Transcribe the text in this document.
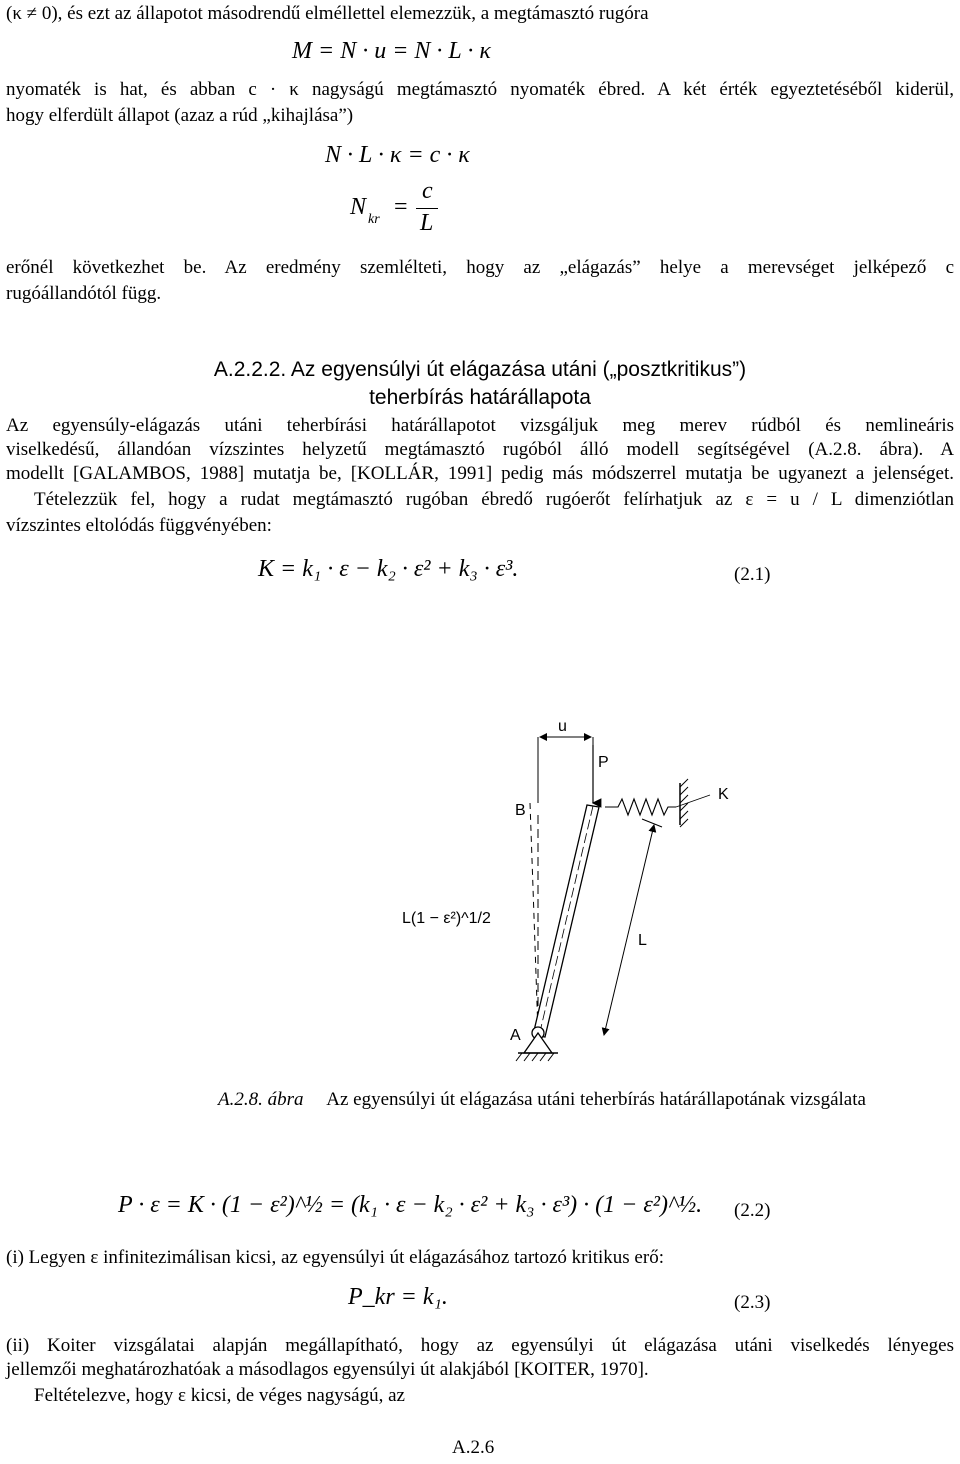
(κ ≠ 0), és ezt az állapotot másodrendű elméllettel elemezzük, a megtámasztó rugóra
M = N · u = N · L · κ
nyomaték is hat, és abban c · κ nagyságú megtámasztó nyomaték ébred. A két érték egyeztetéséből kiderül,
hogy elferdült állapot (azaz a rúd „kihajlása”)
N · L · κ = c · κ
N kr =
c
L
erőnél következhet be. Az eredmény szemlélteti, hogy az „elágazás” helye a merevséget jelképező c
rugóállandótól függ.
A.2.2.2. Az egyensúlyi út elágazása utáni („posztkritikus”)
teherbírás határállapota
Az egyensúly-elágazás utáni teherbírási határállapotot vizsgáljuk meg merev rúdból és nemlineáris
viselkedésű, állandóan vízszintes helyzetű megtámasztó rugóból álló modell segítségével (A.2.8. ábra). A
modellt [GALAMBOS, 1988] mutatja be, [KOLLÁR, 1991] pedig más módszerrel mutatja be ugyanezt a jelenséget.
Tételezzük fel, hogy a rudat megtámasztó rugóban ébredő rugóerőt felírhatjuk az ε = u / L dimenziótlan
vízszintes eltolódás függvényében:
K = k₁ · ε − k₂ · ε² + k₃ · ε³.	(2.1)
u
P
B
K
L
L(1 − ε²)^1/2
A
A.2.8. ábra Az egyensúlyi út elágazása utáni teherbírás határállapotának vizsgálata
P · ε = K · (1 − ε²)^½ = (k₁ · ε − k₂ · ε² + k₃ · ε³) · (1 − ε²)^½. (2.2)
(i) Legyen ε infinitezimálisan kicsi, az egyensúlyi út elágazásához tartozó kritikus erő:
P_kr = k₁.	(2.3)
(ii) Koiter vizsgálatai alapján megállapítható, hogy az egyensúlyi út elágazása utáni viselkedés lényeges
jellemzői meghatározhatóak a másodlagos egyensúlyi út alakjából [KOITER, 1970].
Feltételezve, hogy ε kicsi, de véges nagyságú, az
A.2.6
